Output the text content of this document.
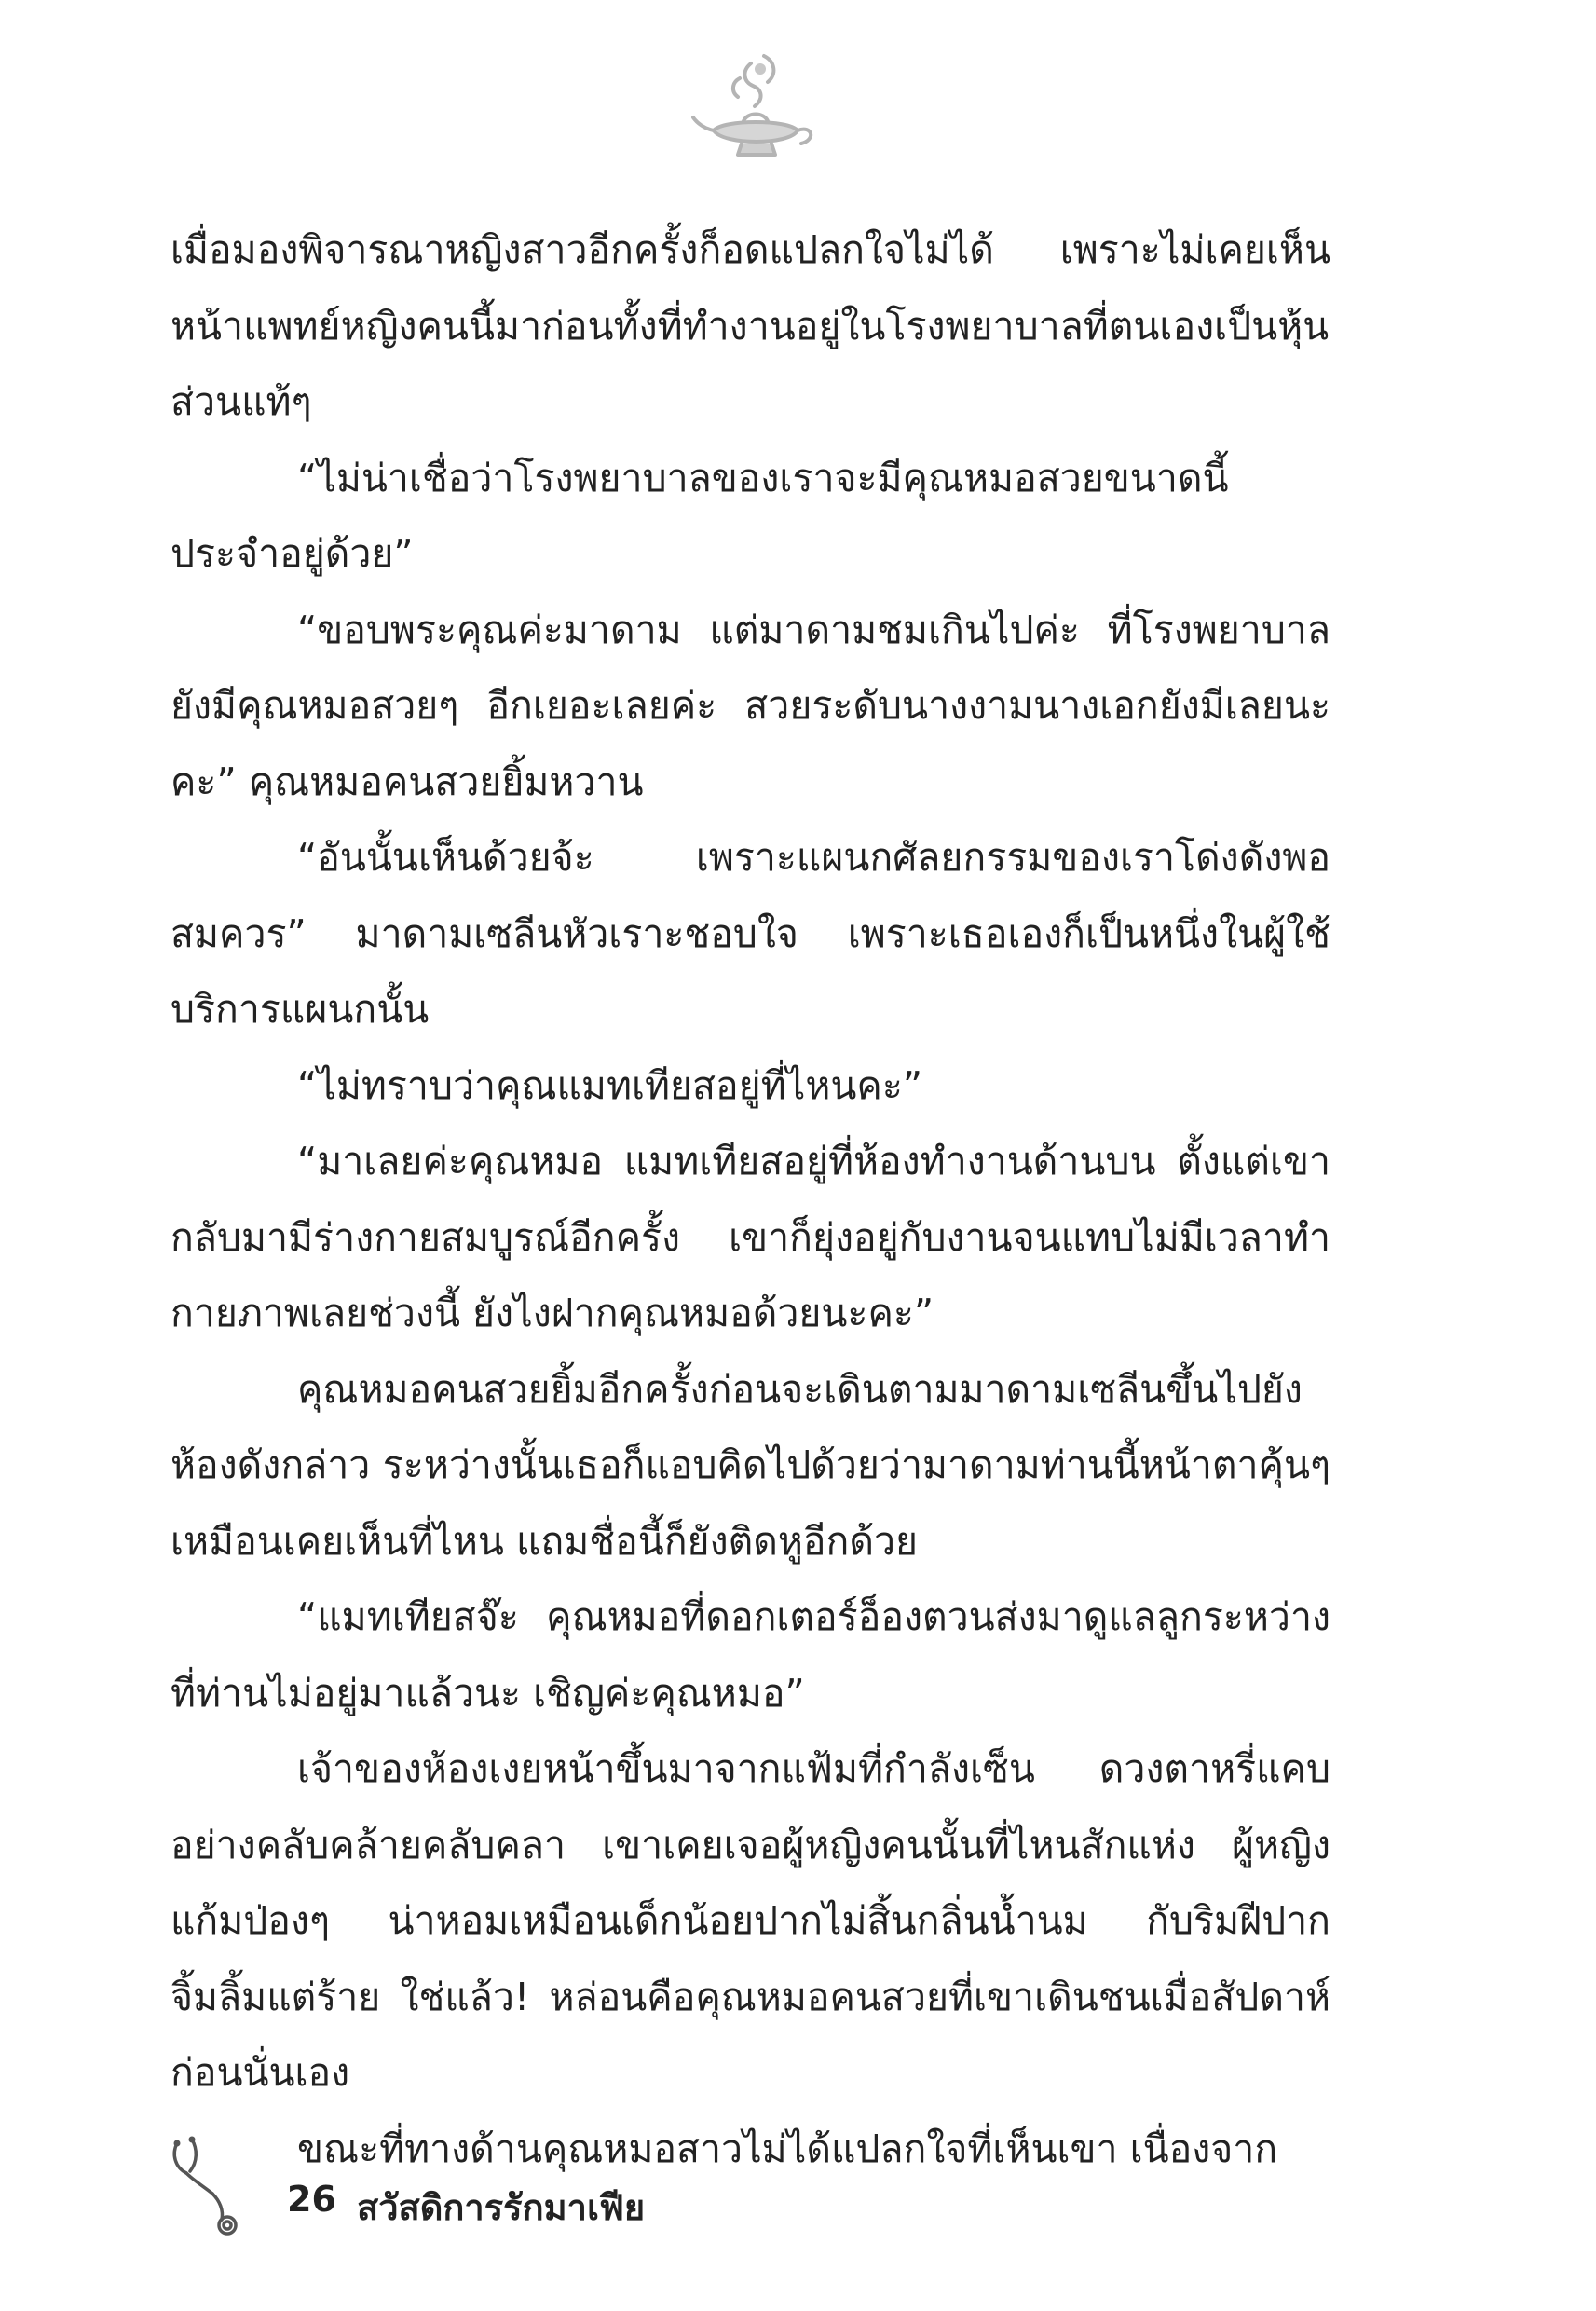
เมื่อมองพิจารณาหญิงสาวอีกครั้งก็อดแปลกใจไม่ได้ เพราะไม่เคยเห็นหน้าแพทย์หญิงคนนี้มาก่อนทั้งที่ทำงานอยู่ในโรงพยาบาลที่ตนเองเป็นหุ้นส่วนแท้ๆ

“ไม่น่าเชื่อว่าโรงพยาบาลของเราจะมีคุณหมอสวยขนาดนี้ประจำอยู่ด้วย”

“ขอบพระคุณค่ะมาดาม แต่มาดามชมเกินไปค่ะ ที่โรงพยาบาลยังมีคุณหมอสวยๆ อีกเยอะเลยค่ะ สวยระดับนางงามนางเอกยังมีเลยนะคะ” คุณหมอคนสวยยิ้มหวาน

“อันนั้นเห็นด้วยจ้ะ เพราะแผนกศัลยกรรมของเราโด่งดังพอสมควร” มาดามเซลีนหัวเราะชอบใจ เพราะเธอเองก็เป็นหนึ่งในผู้ใช้บริการแผนกนั้น

“ไม่ทราบว่าคุณแมทเทียสอยู่ที่ไหนคะ”

“มาเลยค่ะคุณหมอ แมทเทียสอยู่ที่ห้องทำงานด้านบน ตั้งแต่เขากลับมามีร่างกายสมบูรณ์อีกครั้ง เขาก็ยุ่งอยู่กับงานจนแทบไม่มีเวลาทำกายภาพเลยช่วงนี้ ยังไงฝากคุณหมอด้วยนะคะ”

คุณหมอคนสวยยิ้มอีกครั้งก่อนจะเดินตามมาดามเซลีนขึ้นไปยังห้องดังกล่าว ระหว่างนั้นเธอก็แอบคิดไปด้วยว่ามาดามท่านนี้หน้าตาคุ้นๆ เหมือนเคยเห็นที่ไหน แถมชื่อนี้ก็ยังติดหูอีกด้วย

“แมทเทียสจ๊ะ คุณหมอที่ดอกเตอร์อ็องตวนส่งมาดูแลลูกระหว่างที่ท่านไม่อยู่มาแล้วนะ เชิญค่ะคุณหมอ”

เจ้าของห้องเงยหน้าขึ้นมาจากแฟ้มที่กำลังเซ็น ดวงตาหรี่แคบอย่างคลับคล้ายคลับคลา เขาเคยเจอผู้หญิงคนนั้นที่ไหนสักแห่ง ผู้หญิงแก้มป่องๆ น่าหอมเหมือนเด็กน้อยปากไม่สิ้นกลิ่นน้ำนม กับริมฝีปากจิ้มลิ้มแต่ร้าย ใช่แล้ว! หล่อนคือคุณหมอคนสวยที่เขาเดินชนเมื่อสัปดาห์ก่อนนั่นเอง

ขณะที่ทางด้านคุณหมอสาวไม่ได้แปลกใจที่เห็นเขา เนื่องจาก

26 สวัสดิการรักมาเฟีย
